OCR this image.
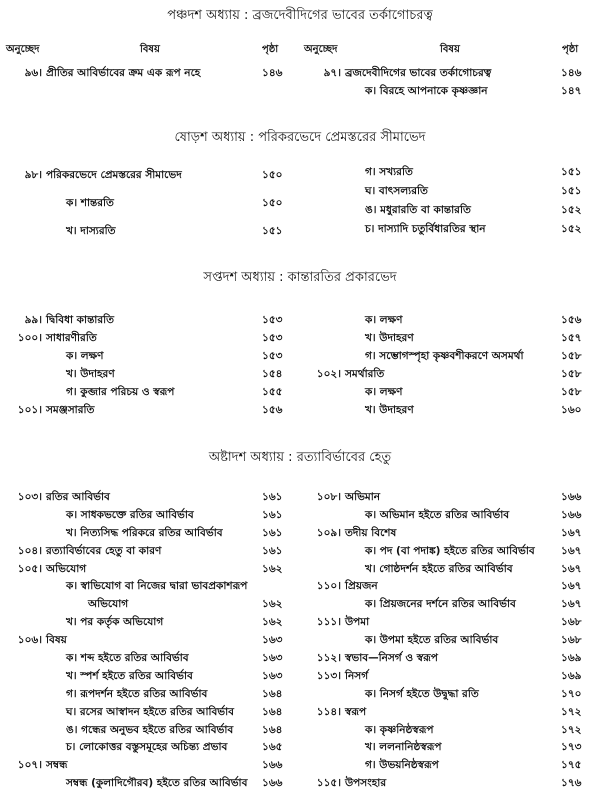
পঞ্চদশ অধ্যায় : ব্রজদেবীদিগের ভাবের তর্কাগোচরত্ব
অনুচ্ছেদ	বিষয়	পৃষ্ঠা	অনুচ্ছেদ	বিষয়	পৃষ্ঠা
৯৬। প্রীতির আবির্ভাবের ক্রম এক রূপ নহে	১৪৬	৯৭। ব্রজদেবীদিগের ভাবের তর্কাগোচরত্ব	১৪৬
ক। বিরহে আপনাকে কৃষ্ণজ্ঞান	১৪৭
ষোড়শ অধ্যায় : পরিকরভেদে প্রেমস্তরের সীমাভেদ
৯৮। পরিকরভেদে প্রেমস্তরের সীমাভেদ	১৫০
ক। শান্তরতি	১৫০
খ। দাস্যরতি	১৫১
গ। সখ্যরতি	১৫১
ঘ। বাৎসল্যরতি	১৫১
ঙ। মধুরারতি বা কান্তারতি	১৫২
চ। দাস্যাদি চতুর্বিধারতির স্থান	১৫২
সপ্তদশ অধ্যায় : কান্তারতির প্রকারভেদ
৯৯। দ্বিবিধা কান্তারতি	১৫৩
১০০। সাধারণীরতি	১৫৩
ক। লক্ষণ	১৫৩
খ। উদাহরণ	১৫৪
গ। কুব্জার পরিচয় ও স্বরূপ	১৫৫
১০১। সমঞ্জসারতি	১৫৬
ক। লক্ষণ	১৫৬
খ। উদাহরণ	১৫৭
গ। সম্ভোগস্পৃহা কৃষ্ণবশীকরণে অসমর্থা	১৫৮
১০২। সমর্থারতি	১৫৮
ক। লক্ষণ	১৫৮
খ। উদাহরণ	১৬০
অষ্টাদশ অধ্যায় : রত্যাবির্ভাবের হেতু
১০৩। রতির আবির্ভাব	১৬১
ক। সাধকভক্তে রতির আবির্ভাব	১৬১
খ। নিত্যসিদ্ধ পরিকরে রতির আবির্ভাব	১৬১
১০৪। রত্যাবির্ভাবের হেতু বা কারণ	১৬১
১০৫। অভিযোগ	১৬২
ক। স্বাভিযোগ বা নিজের দ্বারা ভাবপ্রকাশরূপ
অভিযোগ	১৬২
খ। পর কর্তৃক অভিযোগ	১৬২
১০৬। বিষয়	১৬৩
ক। শব্দ হইতে রতির আবির্ভাব	১৬৩
খ। স্পর্শ হইতে রতির আবির্ভাব	১৬৩
গ। রূপদর্শন হইতে রতির আবির্ভাব	১৬৪
ঘ। রসের আস্বাদন হইতে রতির আবির্ভাব	১৬৪
ঙ। গন্ধের অনুভব হইতে রতির আবির্ভাব	১৬৪
চ। লোকোত্তর বস্তুসমূহের অচিন্ত্য প্রভাব	১৬৫
১০৭। সম্বন্ধ	১৬৬
সম্বন্ধ (কুলাদিগৌরব) হইতে রতির আবির্ভাব ১৬৬
১০৮। অভিমান	১৬৬
ক। অভিমান হইতে রতির আবির্ভাব	১৬৬
১০৯। তদীয় বিশেষ	১৬৭
ক। পদ (বা পদাঙ্ক) হইতে রতির আবির্ভাব	১৬৭
খ। গোষ্ঠদর্শন হইতে রতির আবির্ভাব	১৬৭
১১০। প্রিয়জন	১৬৭
ক। প্রিয়জনের দর্শনে রতির আবির্ভাব	১৬৭
১১১। উপমা	১৬৮
ক। উপমা হইতে রতির আবির্ভাব	১৬৮
১১২। স্বভাব—নিসর্গ ও স্বরূপ	১৬৯
১১৩। নিসর্গ	১৬৯
ক। নিসর্গ হইতে উদ্বুদ্ধা রতি	১৭০
১১৪। স্বরূপ	১৭২
ক। কৃষ্ণনিষ্ঠস্বরূপ	১৭২
খ। ললনানিষ্ঠস্বরূপ	১৭৩
গ। উভয়নিষ্ঠস্বরূপ	১৭৫
১১৫। উপসংহার	১৭৬
